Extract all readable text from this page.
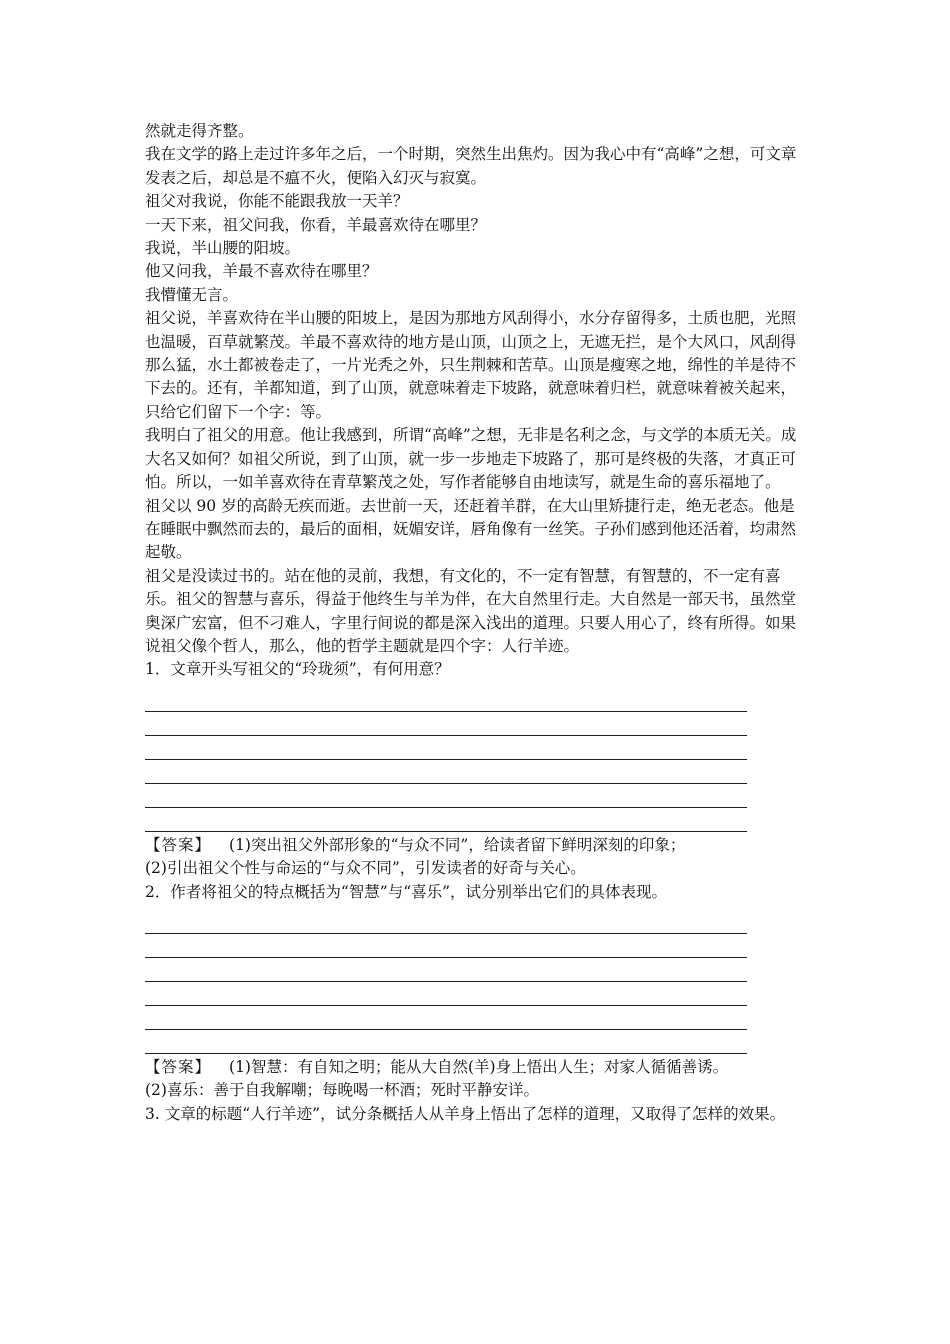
然就走得齐整。

我在文学的路上走过许多年之后，一个时期，突然生出焦灼。因为我心中有“高峰”之想，可文章发表之后，却总是不瘟不火，便陷入幻灭与寂寞。

祖父对我说，你能不能跟我放一天羊？

一天下来，祖父问我，你看，羊最喜欢待在哪里？

我说，半山腰的阳坡。

他又问我，羊最不喜欢待在哪里？

我懵懂无言。

祖父说，羊喜欢待在半山腰的阳坡上，是因为那地方风刮得小，水分存留得多，土质也肥，光照也温暖，百草就繁茂。羊最不喜欢待的地方是山顶，山顶之上，无遮无拦，是个大风口，风刮得那么猛，水土都被卷走了，一片光秃之外，只生荆棘和苦草。山顶是瘦寒之地，绵性的羊是待不下去的。还有，羊都知道，到了山顶，就意味着走下坡路，就意味着归栏，就意味着被关起来，只给它们留下一个字：等。

我明白了祖父的用意。他让我感到，所谓“高峰”之想，无非是名利之念，与文学的本质无关。成大名又如何？如祖父所说，到了山顶，就一步一步地走下坡路了，那可是终极的失落，才真正可怕。所以，一如羊喜欢待在青草繁茂之处，写作者能够自由地读写，就是生命的喜乐福地了。

祖父以 90 岁的高龄无疾而逝。去世前一天，还赶着羊群，在大山里矫捷行走，绝无老态。他是在睡眠中飘然而去的，最后的面相，妩媚安详，唇角像有一丝笑。子孙们感到他还活着，均肃然起敬。

祖父是没读过书的。站在他的灵前，我想，有文化的，不一定有智慧，有智慧的，不一定有喜乐。祖父的智慧与喜乐，得益于他终生与羊为伴，在大自然里行走。大自然是一部天书，虽然堂奥深广宏富，但不刁难人，字里行间说的都是深入浅出的道理。只要人用心了，终有所得。如果说祖父像个哲人，那么，他的哲学主题就是四个字：人行羊迹。

1．文章开头写祖父的“玲珑须”，有何用意？

【答案】 (1)突出祖父外部形象的“与众不同”，给读者留下鲜明深刻的印象；

(2)引出祖父个性与命运的“与众不同”，引发读者的好奇与关心。

2．作者将祖父的特点概括为“智慧”与“喜乐”，试分别举出它们的具体表现。

【答案】 (1)智慧：有自知之明；能从大自然(羊)身上悟出人生；对家人循循善诱。

(2)喜乐：善于自我解嘲；每晚喝一杯酒；死时平静安详。

3. 文章的标题“人行羊迹”，试分条概括人从羊身上悟出了怎样的道理，又取得了怎样的效果。
